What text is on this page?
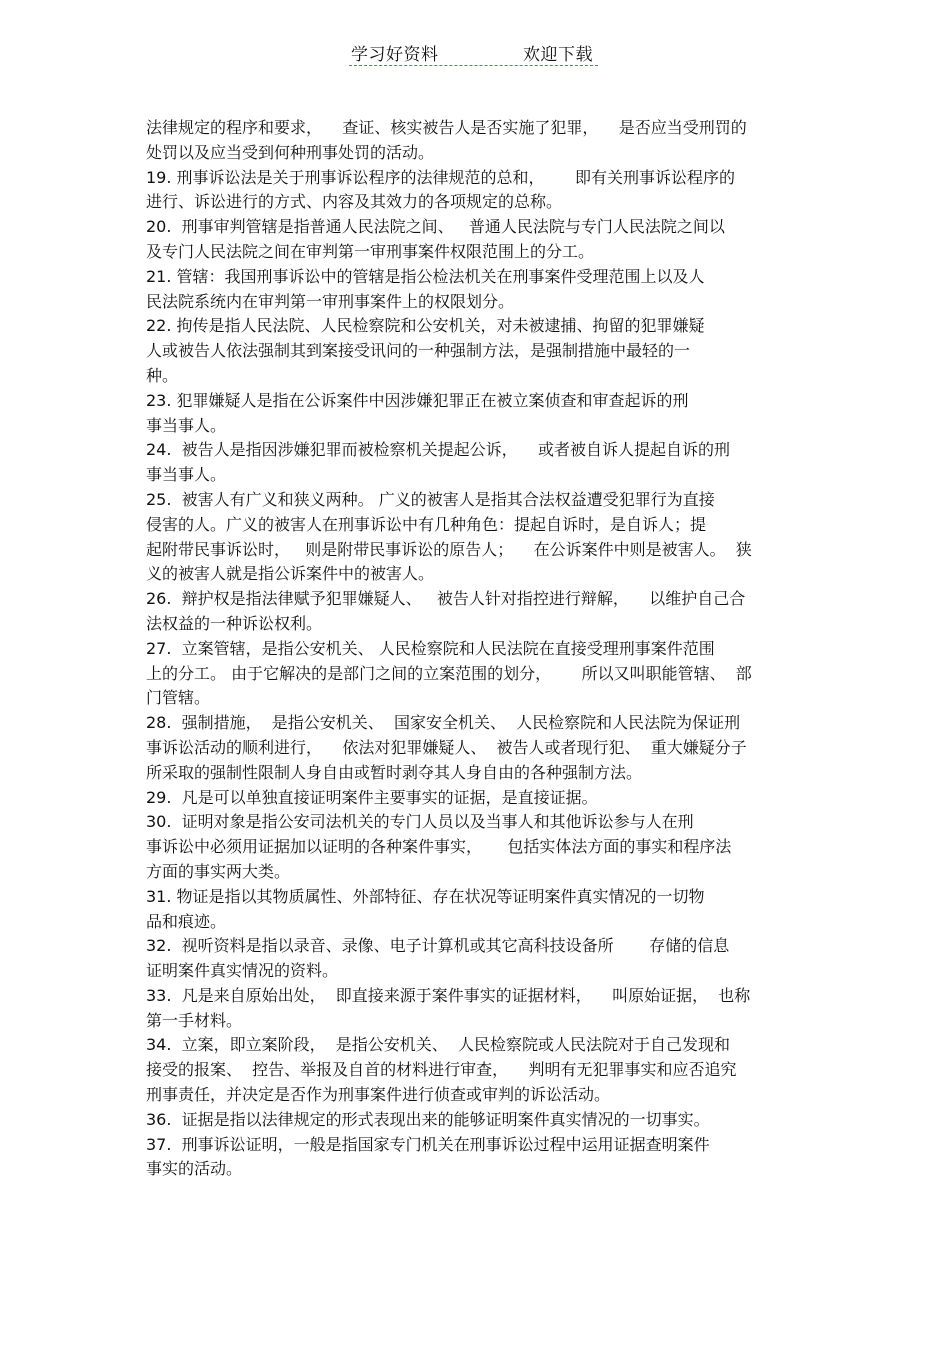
学习好资料	欢迎下载
法律规定的程序和要求，    查证、核实被告人是否实施了犯罪，    是否应当受刑罚的
处罚以及应当受到何种刑事处罚的活动。
19. 刑事诉讼法是关于刑事诉讼程序的法律规范的总和，      即有关刑事诉讼程序的
进行、诉讼进行的方式、内容及其效力的各项规定的总称。
20.  刑事审判管辖是指普通人民法院之间、   普通人民法院与专门人民法院之间以
及专门人民法院之间在审判第一审刑事案件权限范围上的分工。
21. 管辖：我国刑事诉讼中的管辖是指公检法机关在刑事案件受理范围上以及人
民法院系统内在审判第一审刑事案件上的权限划分。
22. 拘传是指人民法院、人民检察院和公安机关，对未被逮捕、拘留的犯罪嫌疑
人或被告人依法强制其到案接受讯问的一种强制方法，是强制措施中最轻的一
种。
23. 犯罪嫌疑人是指在公诉案件中因涉嫌犯罪正在被立案侦查和审查起诉的刑
事当事人。
24.  被告人是指因涉嫌犯罪而被检察机关提起公诉，    或者被自诉人提起自诉的刑
事当事人。
25.  被害人有广义和狭义两种。 广义的被害人是指其合法权益遭受犯罪行为直接
侵害的人。广义的被害人在刑事诉讼中有几种角色：提起自诉时，是自诉人；提
起附带民事诉讼时，   则是附带民事诉讼的原告人；    在公诉案件中则是被害人。  狭
义的被害人就是指公诉案件中的被害人。
26.  辩护权是指法律赋予犯罪嫌疑人、   被告人针对指控进行辩解，    以维护自己合
法权益的一种诉讼权利。
27.  立案管辖，是指公安机关、 人民检察院和人民法院在直接受理刑事案件范围
上的分工。 由于它解决的是部门之间的立案范围的划分，      所以又叫职能管辖、  部
门管辖。
28.  强制措施，  是指公安机关、  国家安全机关、  人民检察院和人民法院为保证刑
事诉讼活动的顺利进行，    依法对犯罪嫌疑人、  被告人或者现行犯、  重大嫌疑分子
所采取的强制性限制人身自由或暂时剥夺其人身自由的各种强制方法。
29.  凡是可以单独直接证明案件主要事实的证据，是直接证据。
30.  证明对象是指公安司法机关的专门人员以及当事人和其他诉讼参与人在刑
事诉讼中必须用证据加以证明的各种案件事实，     包括实体法方面的事实和程序法
方面的事实两大类。
31. 物证是指以其物质属性、外部特征、存在状况等证明案件真实情况的一切物
品和痕迹。
32.  视听资料是指以录音、录像、电子计算机或其它高科技设备所       存储的信息
证明案件真实情况的资料。
33.  凡是来自原始出处，  即直接来源于案件事实的证据材料，    叫原始证据，  也称
第一手材料。
34.  立案，即立案阶段，  是指公安机关、  人民检察院或人民法院对于自己发现和
接受的报案、  控告、举报及自首的材料进行审查，    判明有无犯罪事实和应否追究
刑事责任，并决定是否作为刑事案件进行侦查或审判的诉讼活动。
36.  证据是指以法律规定的形式表现出来的能够证明案件真实情况的一切事实。
37.  刑事诉讼证明，一般是指国家专门机关在刑事诉讼过程中运用证据查明案件
事实的活动。
